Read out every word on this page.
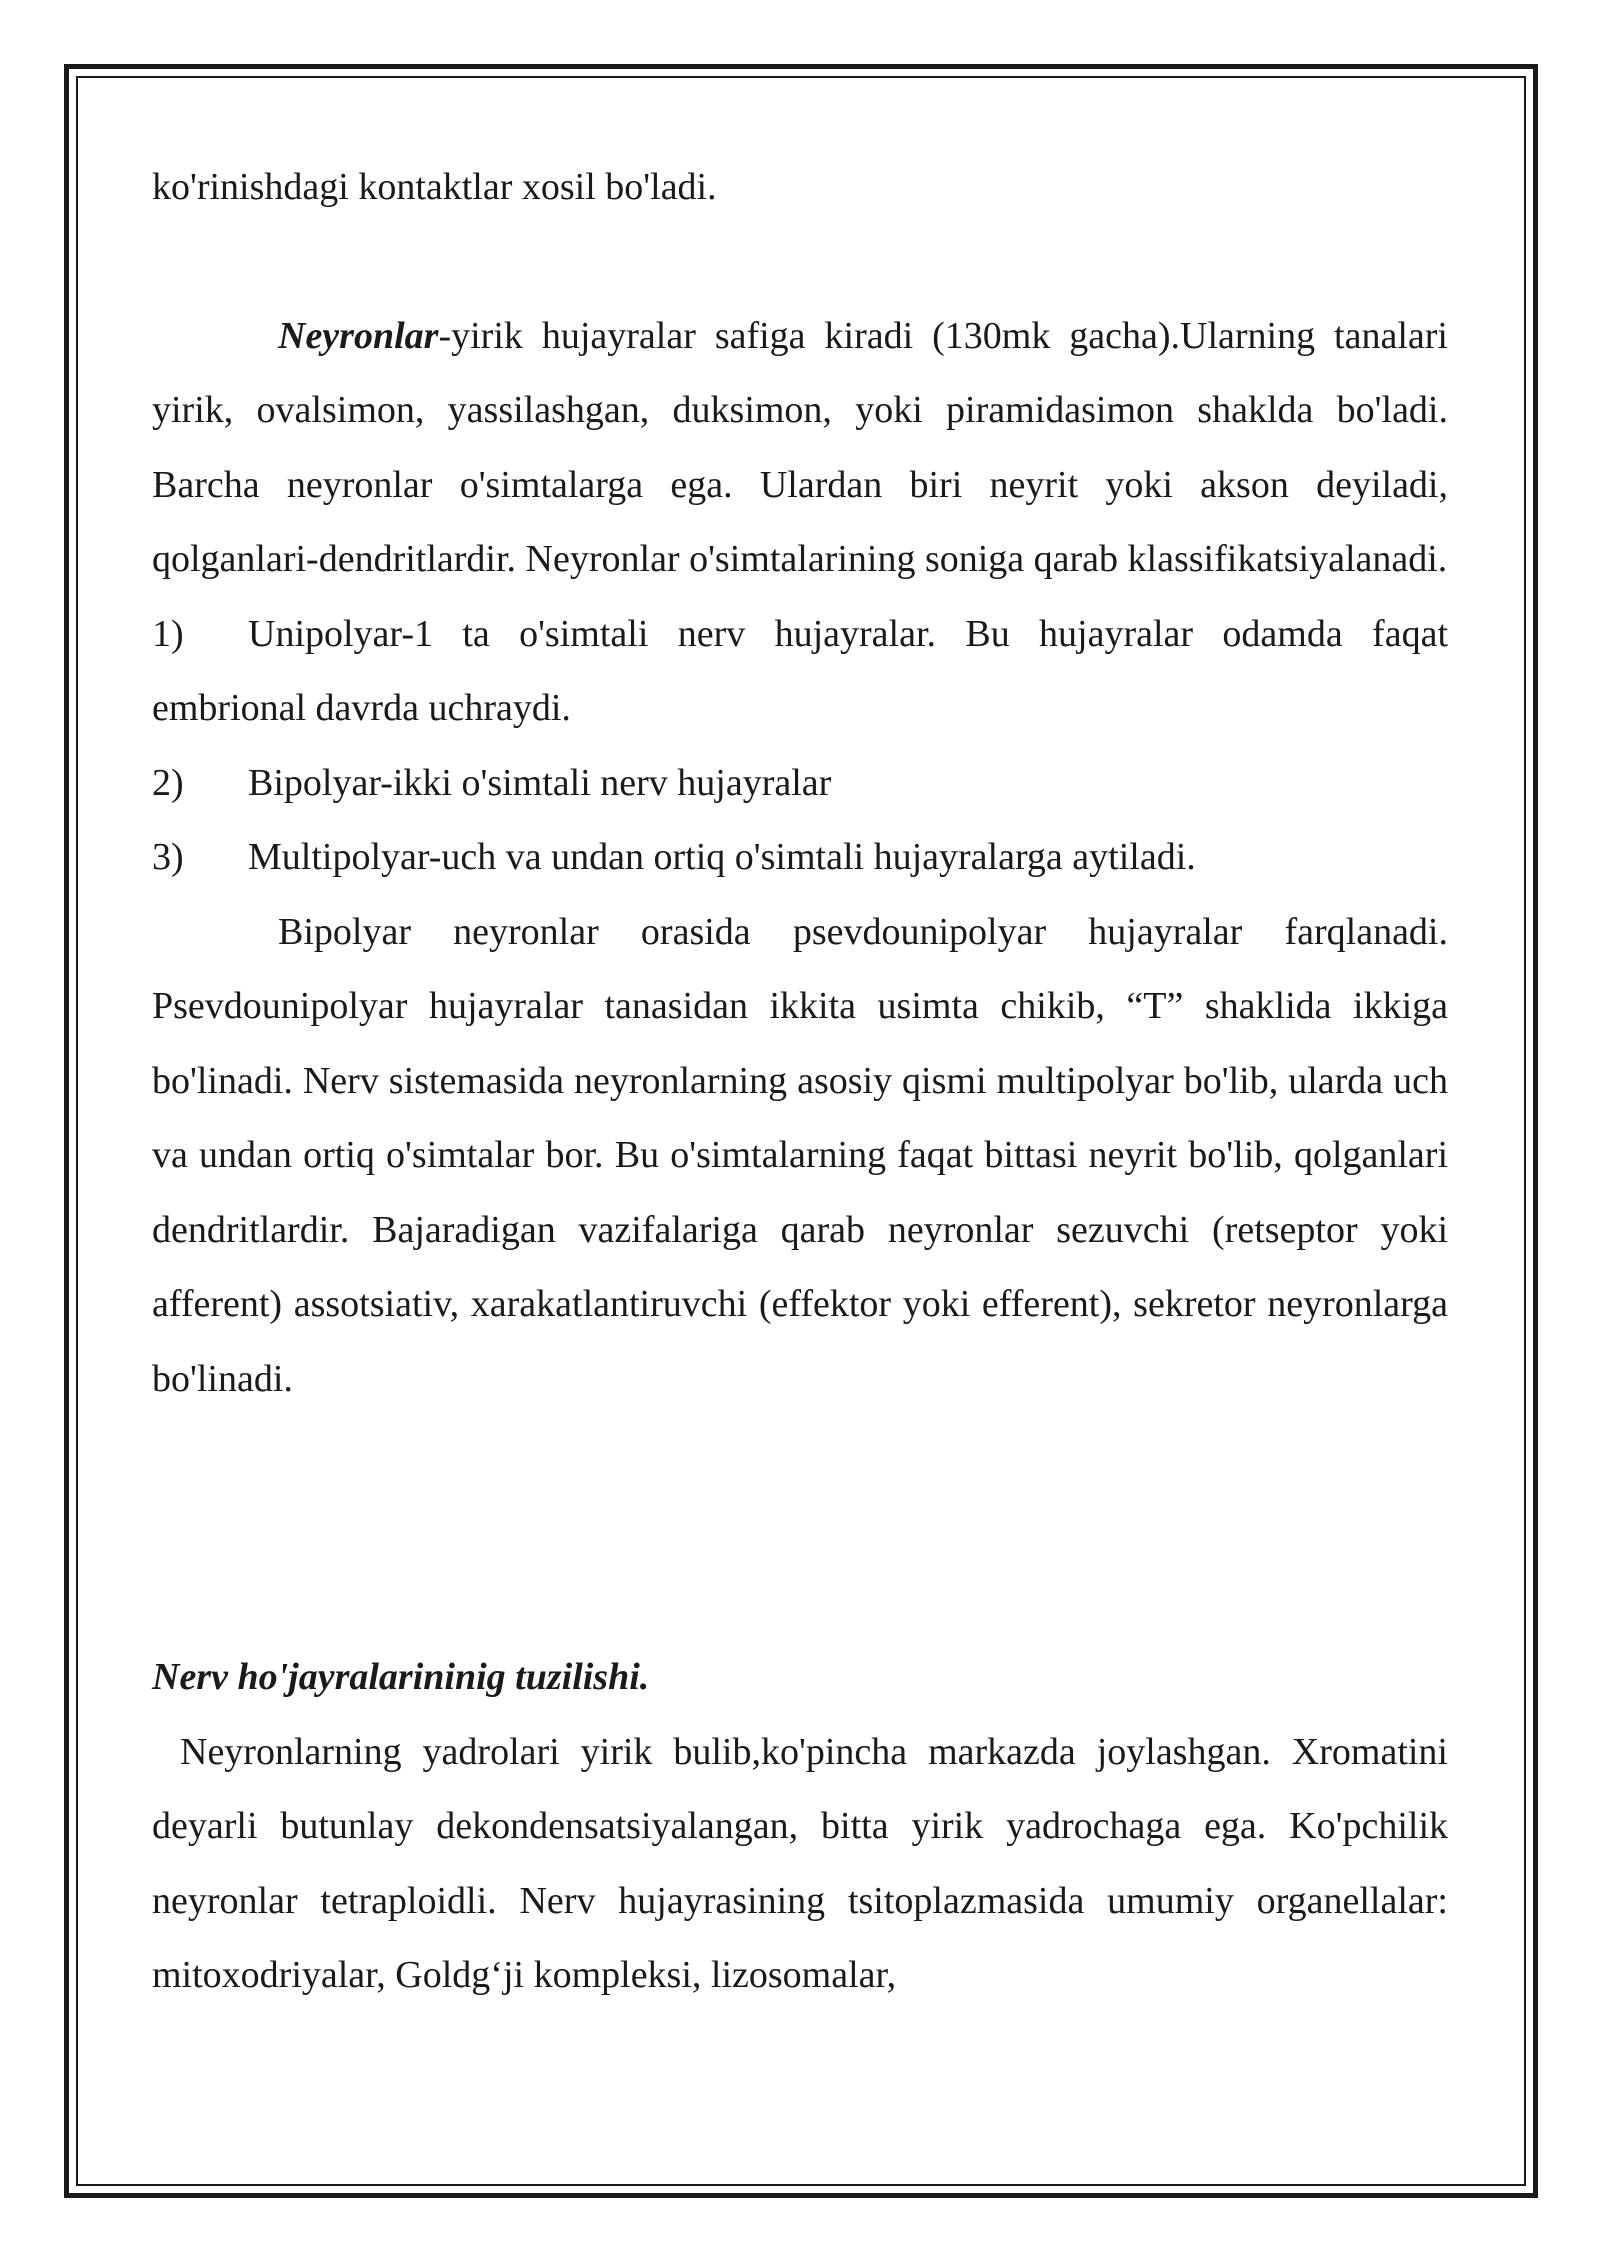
ko'rinishdagi kontaktlar xosil bo'ladi.

Neyronlar-yirik hujayralar safiga kiradi (130mk gacha).Ularning tanalari yirik, ovalsimon, yassilashgan, duksimon, yoki piramidasimon shaklda bo'ladi. Barcha neyronlar o'simtalarga ega. Ulardan biri neyrit yoki akson deyiladi, qolganlari-dendritlardir. Neyronlar o'simtalarining soniga qarab klassifikatsiyalanadi.

1) Unipolyar-1 ta o'simtali nerv hujayralar. Bu hujayralar odamda faqat embrional davrda uchraydi.

2)	Bipolyar-ikki o'simtali nerv hujayralar

3)	Multipolyar-uch va undan ortiq o'simtali hujayralarga aytiladi.

Bipolyar neyronlar orasida psevdounipolyar hujayralar farqlanadi. Psevdounipolyar hujayralar tanasidan ikkita usimta chikib, “T” shaklida ikkiga bo'linadi. Nerv sistemasida neyronlarning asosiy qismi multipolyar bo'lib, ularda uch va undan ortiq o'simtalar bor. Bu o'simtalarning faqat bittasi neyrit bo'lib, qolganlari dendritlardir. Bajaradigan vazifalariga qarab neyronlar sezuvchi (retseptor yoki afferent) assotsiativ, xarakatlantiruvchi (effektor yoki efferent), sekretor neyronlarga bo'linadi.

Nerv ho'jayralarininig tuzilishi.

Neyronlarning yadrolari yirik bulib,ko'pincha markazda joylashgan. Xromatini deyarli butunlay dekondensatsiyalangan, bitta yirik yadrochaga ega. Ko'pchilik neyronlar tetraploidli. Nerv hujayrasining tsitoplazmasida umumiy organellalar: mitoxodriyalar, Goldg‘ji kompleksi, lizosomalar,
